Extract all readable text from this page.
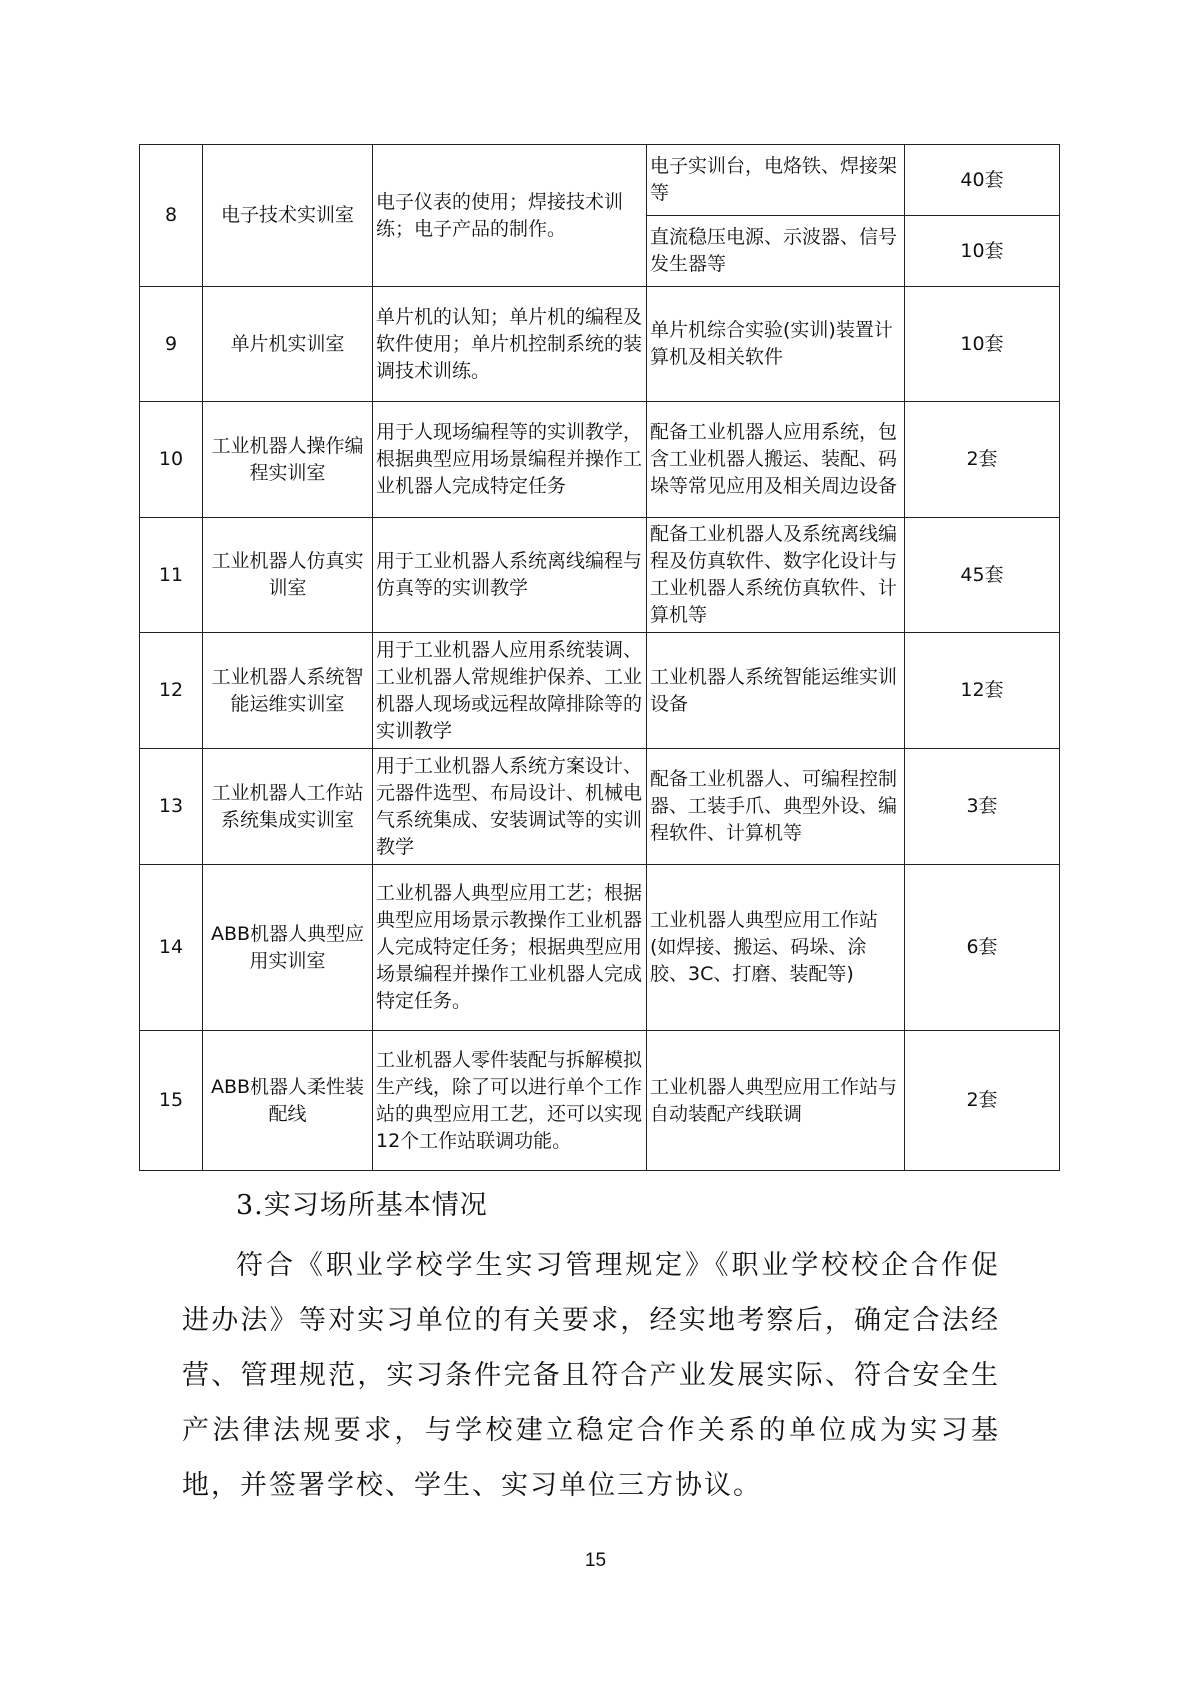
8	电子技术实训室	电子仪表的使用；焊接技术训练；电子产品的制作。	电子实训台，电烙铁、焊接架等	40套
			直流稳压电源、示波器、信号发生器等	10套
9	单片机实训室	单片机的认知；单片机的编程及软件使用；单片机控制系统的装调技术训练。	单片机综合实验(实训)装置计算机及相关软件	10套
10	工业机器人操作编程实训室	用于人现场编程等的实训教学，根据典型应用场景编程并操作工业机器人完成特定任务	配备工业机器人应用系统，包含工业机器人搬运、装配、码垛等常见应用及相关周边设备	2套
11	工业机器人仿真实训室	用于工业机器人系统离线编程与仿真等的实训教学	配备工业机器人及系统离线编程及仿真软件、数字化设计与工业机器人系统仿真软件、计算机等	45套
12	工业机器人系统智能运维实训室	用于工业机器人应用系统装调、工业机器人常规维护保养、工业机器人现场或远程故障排除等的实训教学	工业机器人系统智能运维实训设备	12套
13	工业机器人工作站系统集成实训室	用于工业机器人系统方案设计、元器件选型、布局设计、机械电气系统集成、安装调试等的实训教学	配备工业机器人、可编程控制器、工装手爪、典型外设、编程软件、计算机等	3套
14	ABB机器人典型应用实训室	工业机器人典型应用工艺；根据典型应用场景示教操作工业机器人完成特定任务；根据典型应用场景编程并操作工业机器人完成特定任务。	工业机器人典型应用工作站(如焊接、搬运、码垛、涂胶、3C、打磨、装配等)	6套
15	ABB机器人柔性装配线	工业机器人零件装配与拆解模拟生产线，除了可以进行单个工作站的典型应用工艺，还可以实现12个工作站联调功能。	工业机器人典型应用工作站与自动装配产线联调	2套
3.实习场所基本情况

符合《职业学校学生实习管理规定》《职业学校校企合作促进办法》等对实习单位的有关要求，经实地考察后，确定合法经营、管理规范，实习条件完备且符合产业发展实际、符合安全生产法律法规要求，与学校建立稳定合作关系的单位成为实习基地，并签署学校、学生、实习单位三方协议。

15
